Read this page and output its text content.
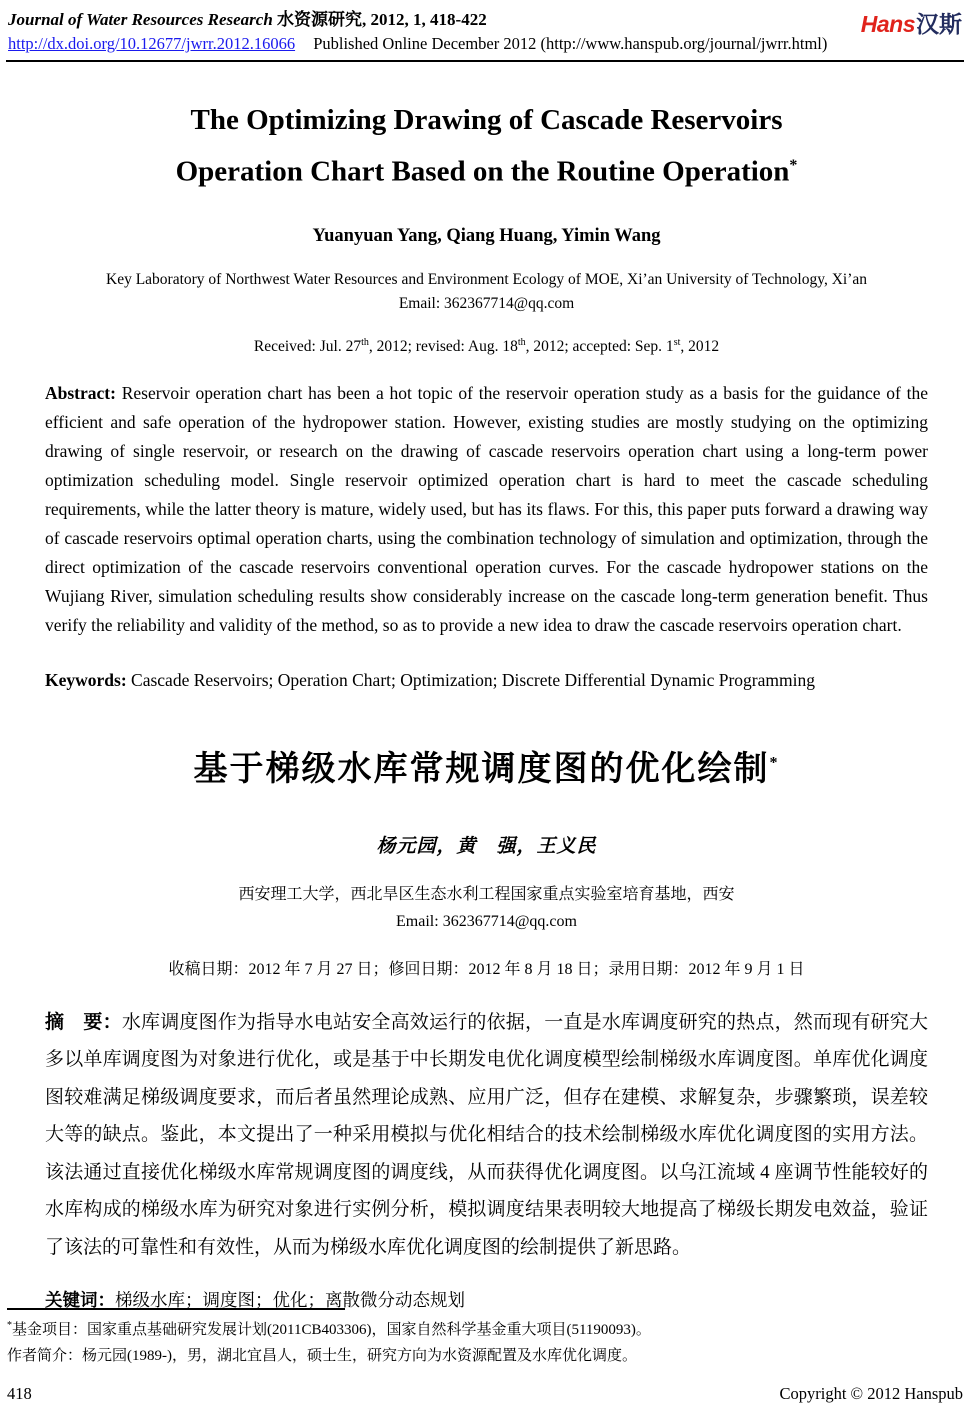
Journal of Water Resources Research 水资源研究, 2012, 1, 418-422
http://dx.doi.org/10.12677/jwrr.2012.16066 Published Online December 2012 (http://www.hanspub.org/journal/jwrr.html)
Hans汉斯
The Optimizing Drawing of Cascade Reservoirs
Operation Chart Based on the Routine Operation*
Yuanyuan Yang, Qiang Huang, Yimin Wang
Key Laboratory of Northwest Water Resources and Environment Ecology of MOE, Xi’an University of Technology, Xi’an
Email: 362367714@qq.com
Received: Jul. 27th, 2012; revised: Aug. 18th, 2012; accepted: Sep. 1st, 2012
Abstract: Reservoir operation chart has been a hot topic of the reservoir operation study as a basis for the guidance of the efficient and safe operation of the hydropower station. However, existing studies are mostly studying on the optimizing drawing of single reservoir, or research on the drawing of cascade reservoirs operation chart using a long-term power optimization scheduling model. Single reservoir optimized operation chart is hard to meet the cascade scheduling requirements, while the latter theory is mature, widely used, but has its flaws. For this, this paper puts forward a drawing way of cascade reservoirs optimal operation charts, using the combination technology of simulation and optimization, through the direct optimization of the cascade reservoirs conventional operation curves. For the cascade hydropower stations on the Wujiang River, simulation scheduling results show considerably increase on the cascade long-term generation benefit. Thus verify the reliability and validity of the method, so as to provide a new idea to draw the cascade reservoirs operation chart.
Keywords: Cascade Reservoirs; Operation Chart; Optimization; Discrete Differential Dynamic Programming
基于梯级水库常规调度图的优化绘制*
杨元园，黄　强，王义民
西安理工大学，西北旱区生态水利工程国家重点实验室培育基地，西安
Email: 362367714@qq.com
收稿日期：2012 年 7 月 27 日；修回日期：2012 年 8 月 18 日；录用日期：2012 年 9 月 1 日
摘　要：水库调度图作为指导水电站安全高效运行的依据，一直是水库调度研究的热点，然而现有研究大多以单库调度图为对象进行优化，或是基于中长期发电优化调度模型绘制梯级水库调度图。单库优化调度图较难满足梯级调度要求，而后者虽然理论成熟、应用广泛，但存在建模、求解复杂，步骤繁琐，误差较大等的缺点。鉴此，本文提出了一种采用模拟与优化相结合的技术绘制梯级水库优化调度图的实用方法。该法通过直接优化梯级水库常规调度图的调度线，从而获得优化调度图。以乌江流域 4 座调节性能较好的水库构成的梯级水库为研究对象进行实例分析，模拟调度结果表明较大地提高了梯级长期发电效益，验证了该法的可靠性和有效性，从而为梯级水库优化调度图的绘制提供了新思路。
关键词：梯级水库；调度图；优化；离散微分动态规划
*基金项目：国家重点基础研究发展计划(2011CB403306)，国家自然科学基金重大项目(51190093)。
作者简介：杨元园(1989-)，男，湖北宜昌人，硕士生，研究方向为水资源配置及水库优化调度。
418	Copyright © 2012 Hanspub
